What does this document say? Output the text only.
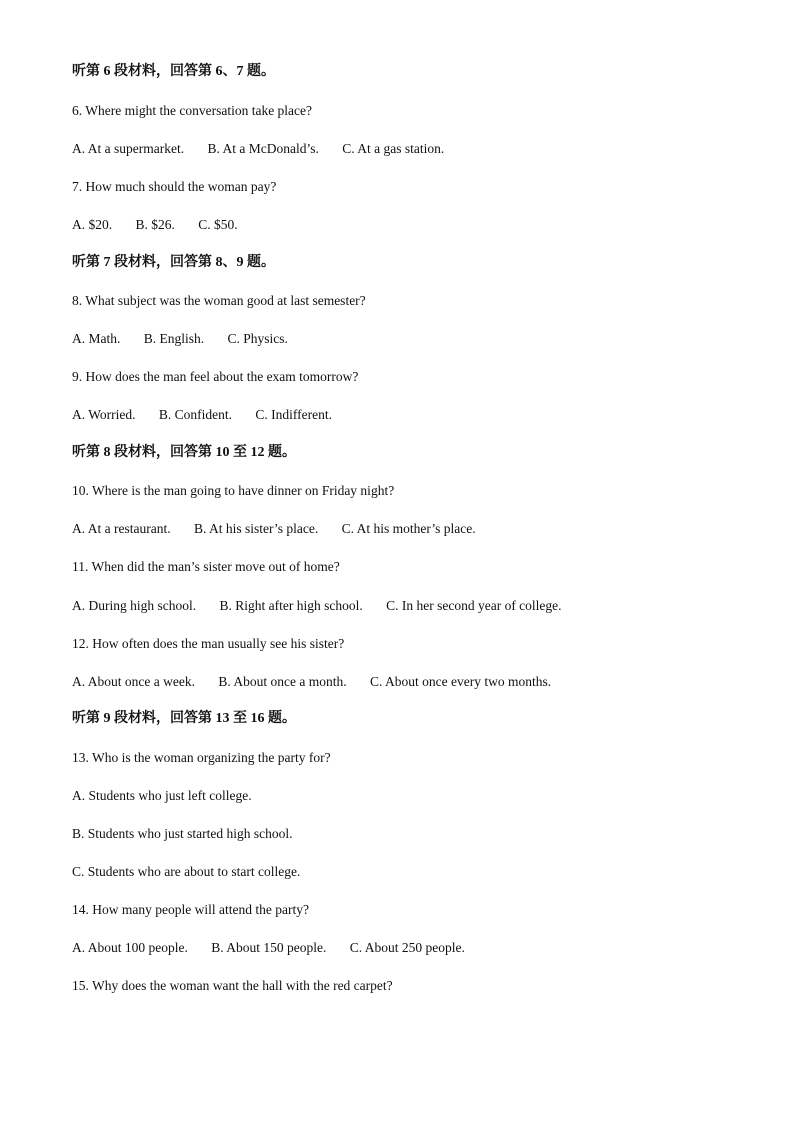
听第 6 段材料，回答第 6、7 题。
6. Where might the conversation take place?
A. At a supermarket. B. At a McDonald’s. C. At a gas station.
7. How much should the woman pay?
A. $20. B. $26. C. $50.
听第 7 段材料，回答第 8、9 题。
8. What subject was the woman good at last semester?
A. Math. B. English. C. Physics.
9. How does the man feel about the exam tomorrow?
A. Worried. B. Confident. C. Indifferent.
听第 8 段材料，回答第 10 至 12 题。
10. Where is the man going to have dinner on Friday night?
A. At a restaurant. B. At his sister’s place. C. At his mother’s place.
11. When did the man’s sister move out of home?
A. During high school. B. Right after high school. C. In her second year of college.
12. How often does the man usually see his sister?
A. About once a week. B. About once a month. C. About once every two months.
听第 9 段材料，回答第 13 至 16 题。
13. Who is the woman organizing the party for?
A. Students who just left college.
B. Students who just started high school.
C. Students who are about to start college.
14. How many people will attend the party?
A. About 100 people. B. About 150 people. C. About 250 people.
15. Why does the woman want the hall with the red carpet?
